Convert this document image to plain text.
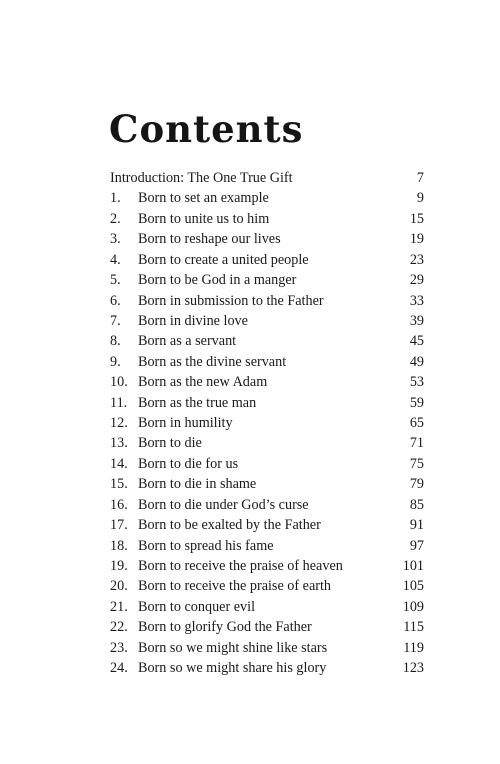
Contents
Introduction: The One True Gift	7
1.	Born to set an example	9
2.	Born to unite us to him	15
3.	Born to reshape our lives	19
4.	Born to create a united people	23
5.	Born to be God in a manger	29
6.	Born in submission to the Father	33
7.	Born in divine love	39
8.	Born as a servant	45
9.	Born as the divine servant	49
10. Born as the new Adam	53
11. Born as the true man	59
12. Born in humility	65
13. Born to die	71
14. Born to die for us	75
15. Born to die in shame	79
16. Born to die under God’s curse	85
17. Born to be exalted by the Father	91
18. Born to spread his fame	97
19. Born to receive the praise of heaven	101
20. Born to receive the praise of earth	105
21. Born to conquer evil	109
22. Born to glorify God the Father	115
23. Born so we might shine like stars	119
24. Born so we might share his glory	123
